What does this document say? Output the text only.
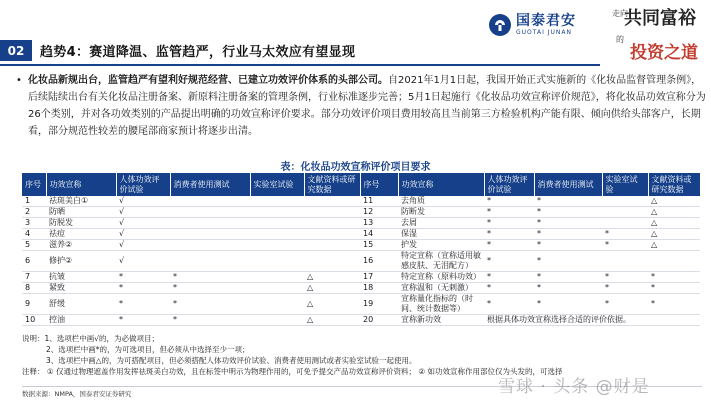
国泰君安
GUOTAI JUNAN
走向
共同富裕
的
投资之道
02	趋势4：赛道降温、监管趋严，行业马太效应有望显现
• 化妆品新规出台，监管趋严有望利好规范经营、已建立功效评价体系的头部公司。自2021年1月1日起，我国开始正式实施新的《化妆品监督管理条例》，后续陆续出台有关化妆品注册备案、新原料注册备案的管理条例，行业标准逐步完善；5月1日起施行《化妆品功效宣称评价规范》，将化妆品功效宣称分为26个类别，并对各功效类别的产品提出明确的功效宣称评价要求。部分功效评价项目费用较高且当前第三方检验机构产能有限、倾向供给头部客户，长期看，部分规范性较差的腰尾部商家预计将逐步出清。
表：化妆品功效宣称评价项目要求
序号	功效宣称	人体功效评价试验	消费者使用测试	实验室试验	文献资料或研究数据	序号	功效宣称	人体功效评价试验	消费者使用测试	实验室试验	文献资料或研究数据
1	祛斑美白①	√				11	去角质	*	*		△
2	防晒	√				12	防断发	*	*		△
3	防脱发	√				13	去屑	*	*		△
4	祛痘	√				14	保湿	*	*	*	△
5	滋养②	√				15	护发	*	*	*	△
6	修护②	√				16	特定宣称（宣称适用敏感皮肤、无泪配方）	*	*		
7	抗皱	*	*		△	17	特定宣称（原料功效）	*	*	*	*
8	紧致	*	*		△	18	宣称温和（无刺激）	*	*	*	*
9	舒缓	*	*		△	19	宣称量化指标的（时间、统计数据等）	*	*	*	*
10	控油	*	*		△	20	宣称新功效	根据具体功效宣称选择合适的评价依据。			
说明：1、选项栏中画√的，为必做项目；
2、选项栏中画*的，为可选项目，但必须从中选择至少一项；
3、选项栏中画△的，为可搭配项目，但必须搭配人体功效评价试验、消费者使用测试或者实验室试验一起使用。
注释： ① 仅通过物理遮盖作用发挥祛斑美白功效，且在标签中明示为物理作用的，可免予提交产品功效宣称评价资料； ② 如功效宣称作用部位仅为头发的，可选择
数据来源：NMPA，国泰君安证券研究	雪球 · 头条 @财是
